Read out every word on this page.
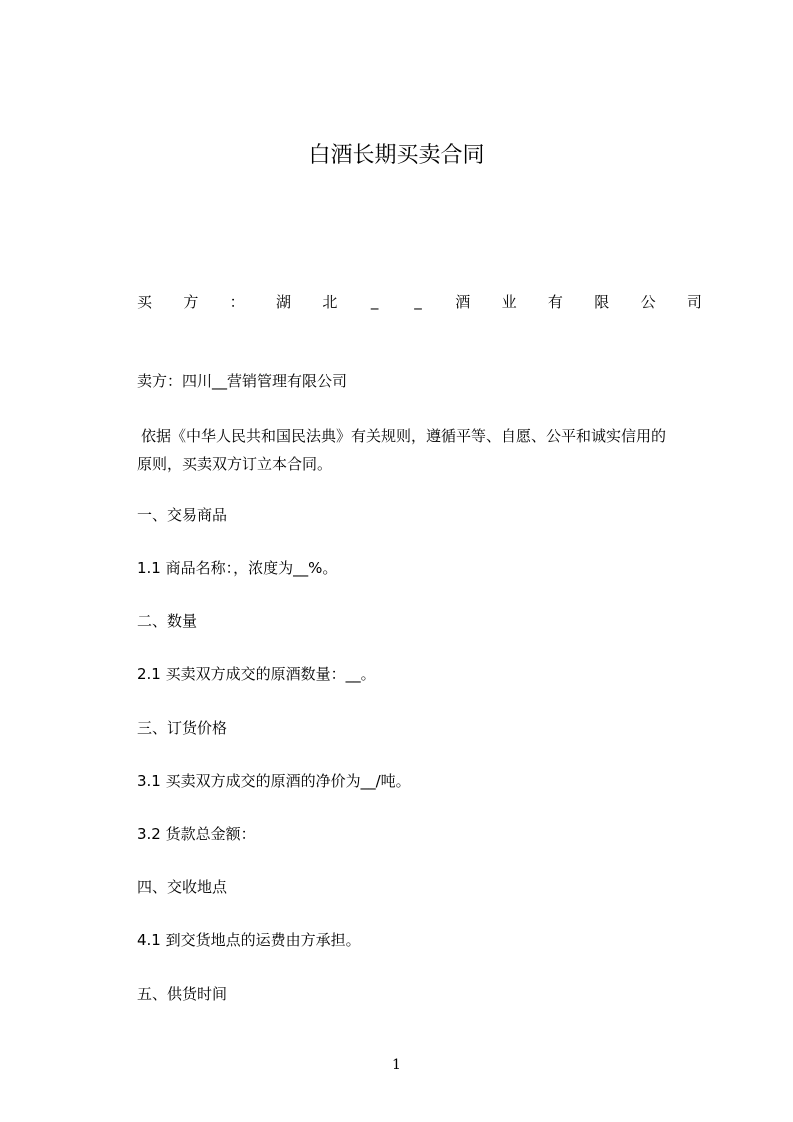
白酒长期买卖合同
买 方 ： 湖 北 _ _ 酒 业 有 限 公 司

卖方：四川__营销管理有限公司

依据《中华人民共和国民法典》有关规则，遵循平等、自愿、公平和诚实信用的
原则，买卖双方订立本合同。

一、交易商品

1.1 商品名称：，浓度为__%。

二、数量

2.1 买卖双方成交的原酒数量：__。

三、订货价格

3.1 买卖双方成交的原酒的净价为__/吨。

3.2 货款总金额：

四、交收地点

4.1 到交货地点的运费由方承担。

五、供货时间

1
